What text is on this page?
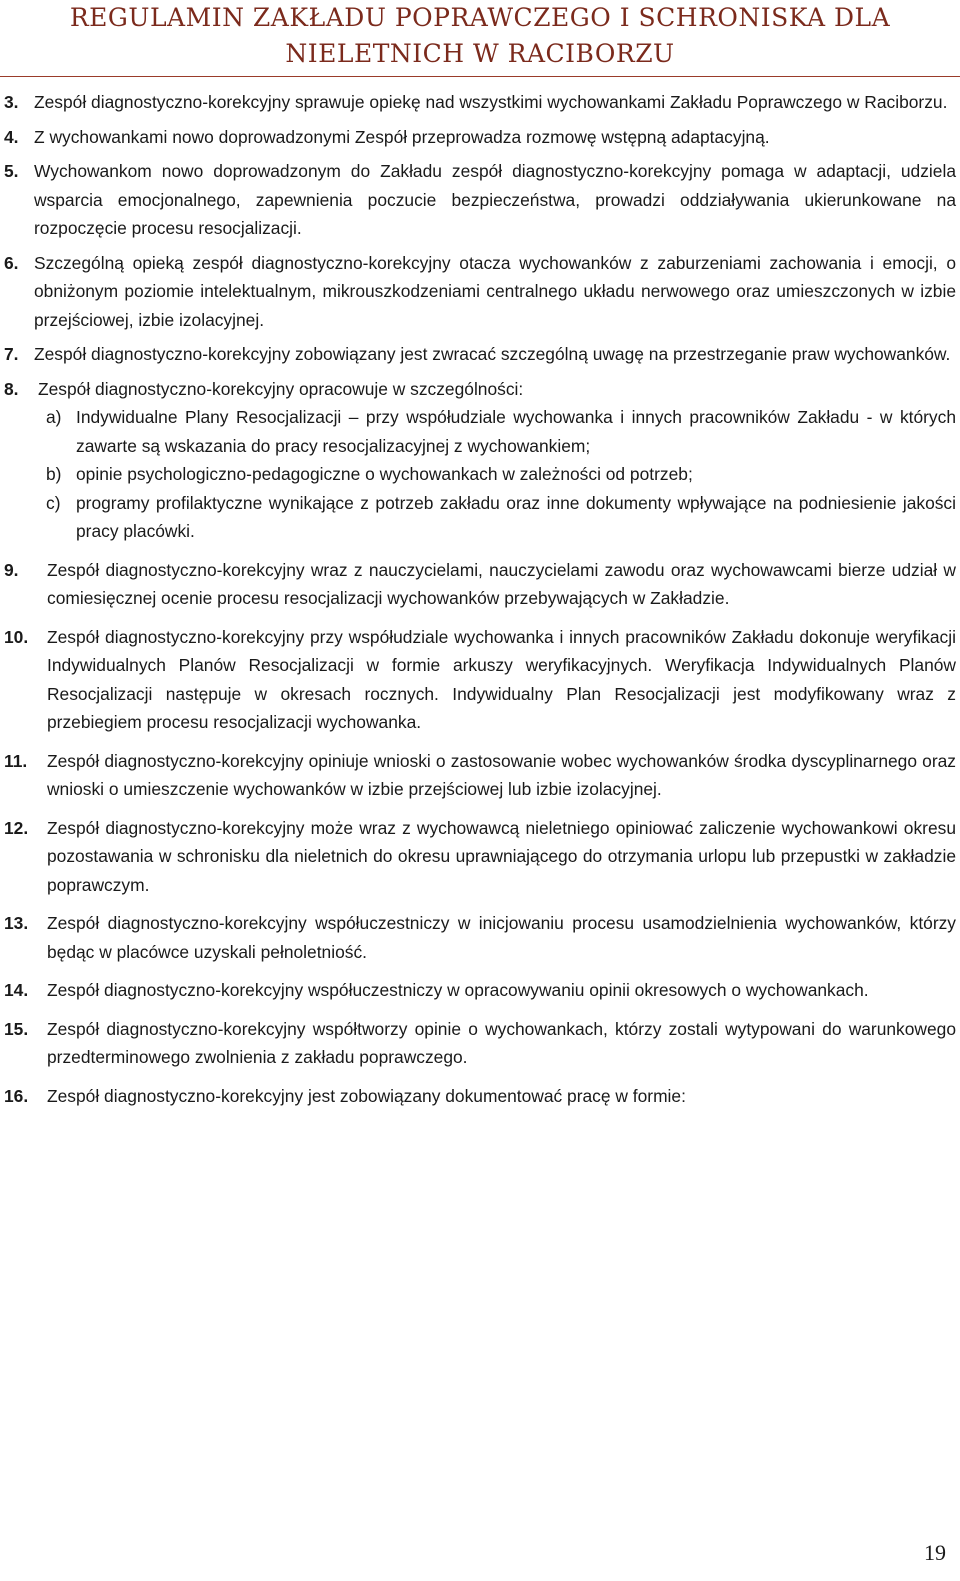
REGULAMIN ZAKŁADU POPRAWCZEGO I SCHRONISKA DLA
NIELETNICH W RACIBORZU
3. Zespół diagnostyczno-korekcyjny sprawuje opiekę nad wszystkimi wychowankami Zakładu Poprawczego w Raciborzu.
4. Z wychowankami nowo doprowadzonymi Zespół przeprowadza rozmowę wstępną adaptacyjną.
5. Wychowankom nowo doprowadzonym do Zakładu zespół diagnostyczno-korekcyjny pomaga w adaptacji, udziela wsparcia emocjonalnego, zapewnienia poczucie bezpieczeństwa, prowadzi oddziaływania ukierunkowane na rozpoczęcie procesu resocjalizacji.
6. Szczególną opieką zespół diagnostyczno-korekcyjny otacza wychowanków z zaburzeniami zachowania i emocji, o obniżonym poziomie intelektualnym, mikrouszkodzeniami centralnego układu nerwowego oraz umieszczonych w izbie przejściowej, izbie izolacyjnej.
7. Zespół diagnostyczno-korekcyjny zobowiązany jest zwracać szczególną uwagę na przestrzeganie praw wychowanków.
8. Zespół diagnostyczno-korekcyjny opracowuje w szczególności:
a) Indywidualne Plany Resocjalizacji – przy współudziale wychowanka i innych pracowników Zakładu - w których zawarte są wskazania do pracy resocjalizacyjnej z wychowankiem;
b) opinie psychologiczno-pedagogiczne o wychowankach w zależności od potrzeb;
c) programy profilaktyczne wynikające z potrzeb zakładu oraz inne dokumenty wpływające na podniesienie jakości pracy placówki.
9. Zespół diagnostyczno-korekcyjny wraz z nauczycielami, nauczycielami zawodu oraz wychowawcami bierze udział w comiesięcznej ocenie procesu resocjalizacji wychowanków przebywających w Zakładzie.
10. Zespół diagnostyczno-korekcyjny przy współudziale wychowanka i innych pracowników Zakładu dokonuje weryfikacji Indywidualnych Planów Resocjalizacji w formie arkuszy weryfikacyjnych. Weryfikacja Indywidualnych Planów Resocjalizacji następuje w okresach rocznych. Indywidualny Plan Resocjalizacji jest modyfikowany wraz z przebiegiem procesu resocjalizacji wychowanka.
11. Zespół diagnostyczno-korekcyjny opiniuje wnioski o zastosowanie wobec wychowanków środka dyscyplinarnego oraz wnioski o umieszczenie wychowanków w izbie przejściowej lub izbie izolacyjnej.
12. Zespół diagnostyczno-korekcyjny może wraz z wychowawcą nieletniego opiniować zaliczenie wychowankowi okresu pozostawania w schronisku dla nieletnich do okresu uprawniającego do otrzymania urlopu lub przepustki w zakładzie poprawczym.
13. Zespół diagnostyczno-korekcyjny współuczestniczy w inicjowaniu procesu usamodzielnienia wychowanków, którzy będąc w placówce uzyskali pełnoletniość.
14. Zespół diagnostyczno-korekcyjny współuczestniczy w opracowywaniu opinii okresowych o wychowankach.
15. Zespół diagnostyczno-korekcyjny współtworzy opinie o wychowankach, którzy zostali wytypowani do warunkowego przedterminowego zwolnienia z zakładu poprawczego.
16. Zespół diagnostyczno-korekcyjny jest zobowiązany dokumentować pracę w formie:
19
